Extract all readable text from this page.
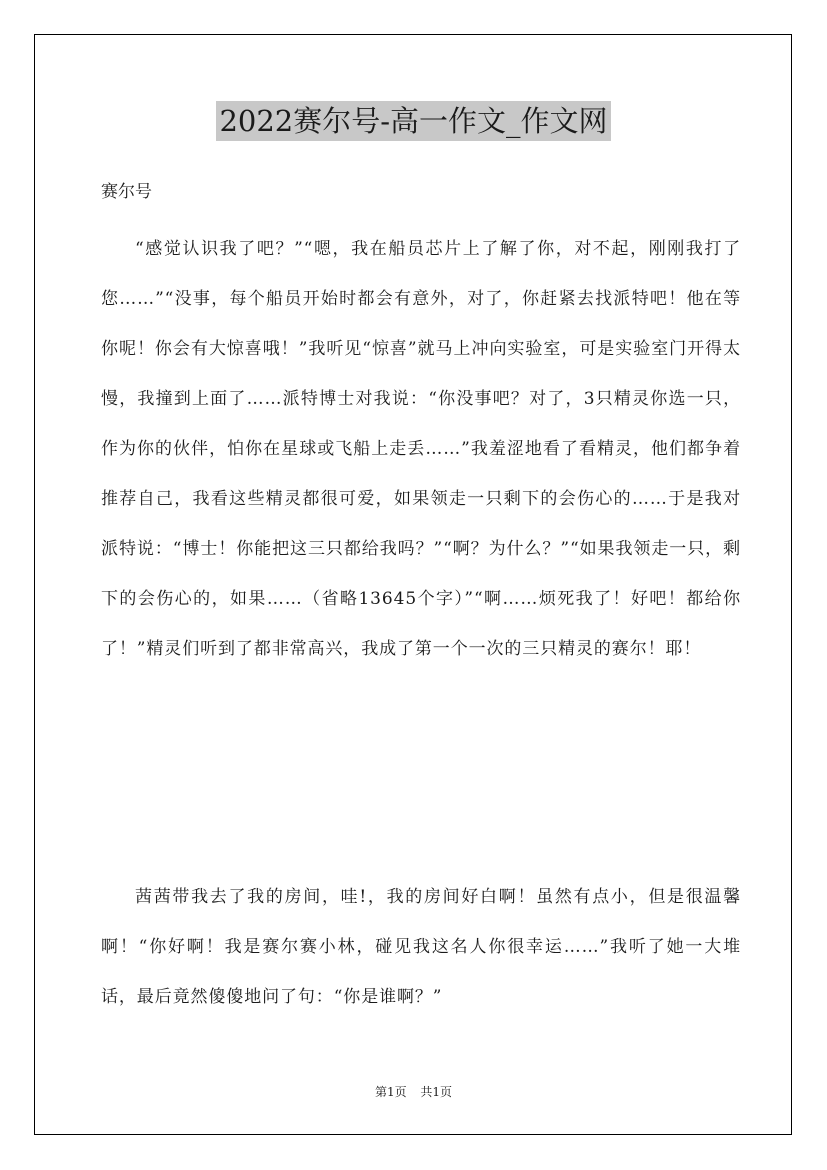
2022赛尔号-高一作文_作文网
赛尔号

“感觉认识我了吧？”“嗯，我在船员芯片上了解了你，对不起，刚刚我打了您……”“没事，每个船员开始时都会有意外，对了，你赶紧去找派特吧！他在等你呢！你会有大惊喜哦！”我听见“惊喜”就马上冲向实验室，可是实验室门开得太慢，我撞到上面了……派特博士对我说：“你没事吧？对了，3只精灵你选一只，作为你的伙伴，怕你在星球或飞船上走丢……”我羞涩地看了看精灵，他们都争着推荐自己，我看这些精灵都很可爱，如果领走一只剩下的会伤心的……于是我对派特说：“博士！你能把这三只都给我吗？”“啊？为什么？”“如果我领走一只，剩下的会伤心的，如果……（省略13645个字）”“啊……烦死我了！好吧！都给你了！”精灵们听到了都非常高兴，我成了第一个一次的三只精灵的赛尔！耶！

茜茜带我去了我的房间，哇!，我的房间好白啊！虽然有点小，但是很温馨啊！“你好啊！我是赛尔赛小林，碰见我这名人你很幸运……”我听了她一大堆话，最后竟然傻傻地问了句：“你是谁啊？”

第1页 共1页
